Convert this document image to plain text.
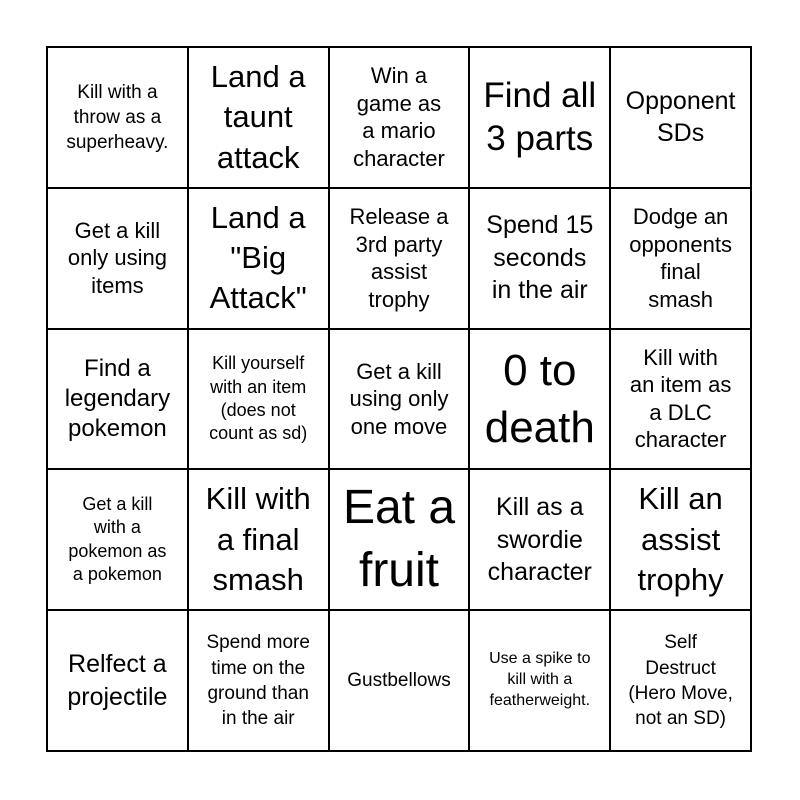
Kill with a
throw as a
superheavy.
Land a
taunt
attack
Win a
game as
a mario
character
Find all
3 parts
Opponent
SDs
Get a kill
only using
items
Land a
"Big
Attack"
Release a
3rd party
assist
trophy
Spend 15
seconds
in the air
Dodge an
opponents
final
smash
Find a
legendary
pokemon
Kill yourself
with an item
(does not
count as sd)
Get a kill
using only
one move
0 to
death
Kill with
an item as
a DLC
character
Get a kill
with a
pokemon as
a pokemon
Kill with
a final
smash
Eat a
fruit
Kill as a
swordie
character
Kill an
assist
trophy
Relfect a
projectile
Spend more
time on the
ground than
in the air
Gustbellows
Use a spike to
kill with a
featherweight.
Self
Destruct
(Hero Move,
not an SD)
